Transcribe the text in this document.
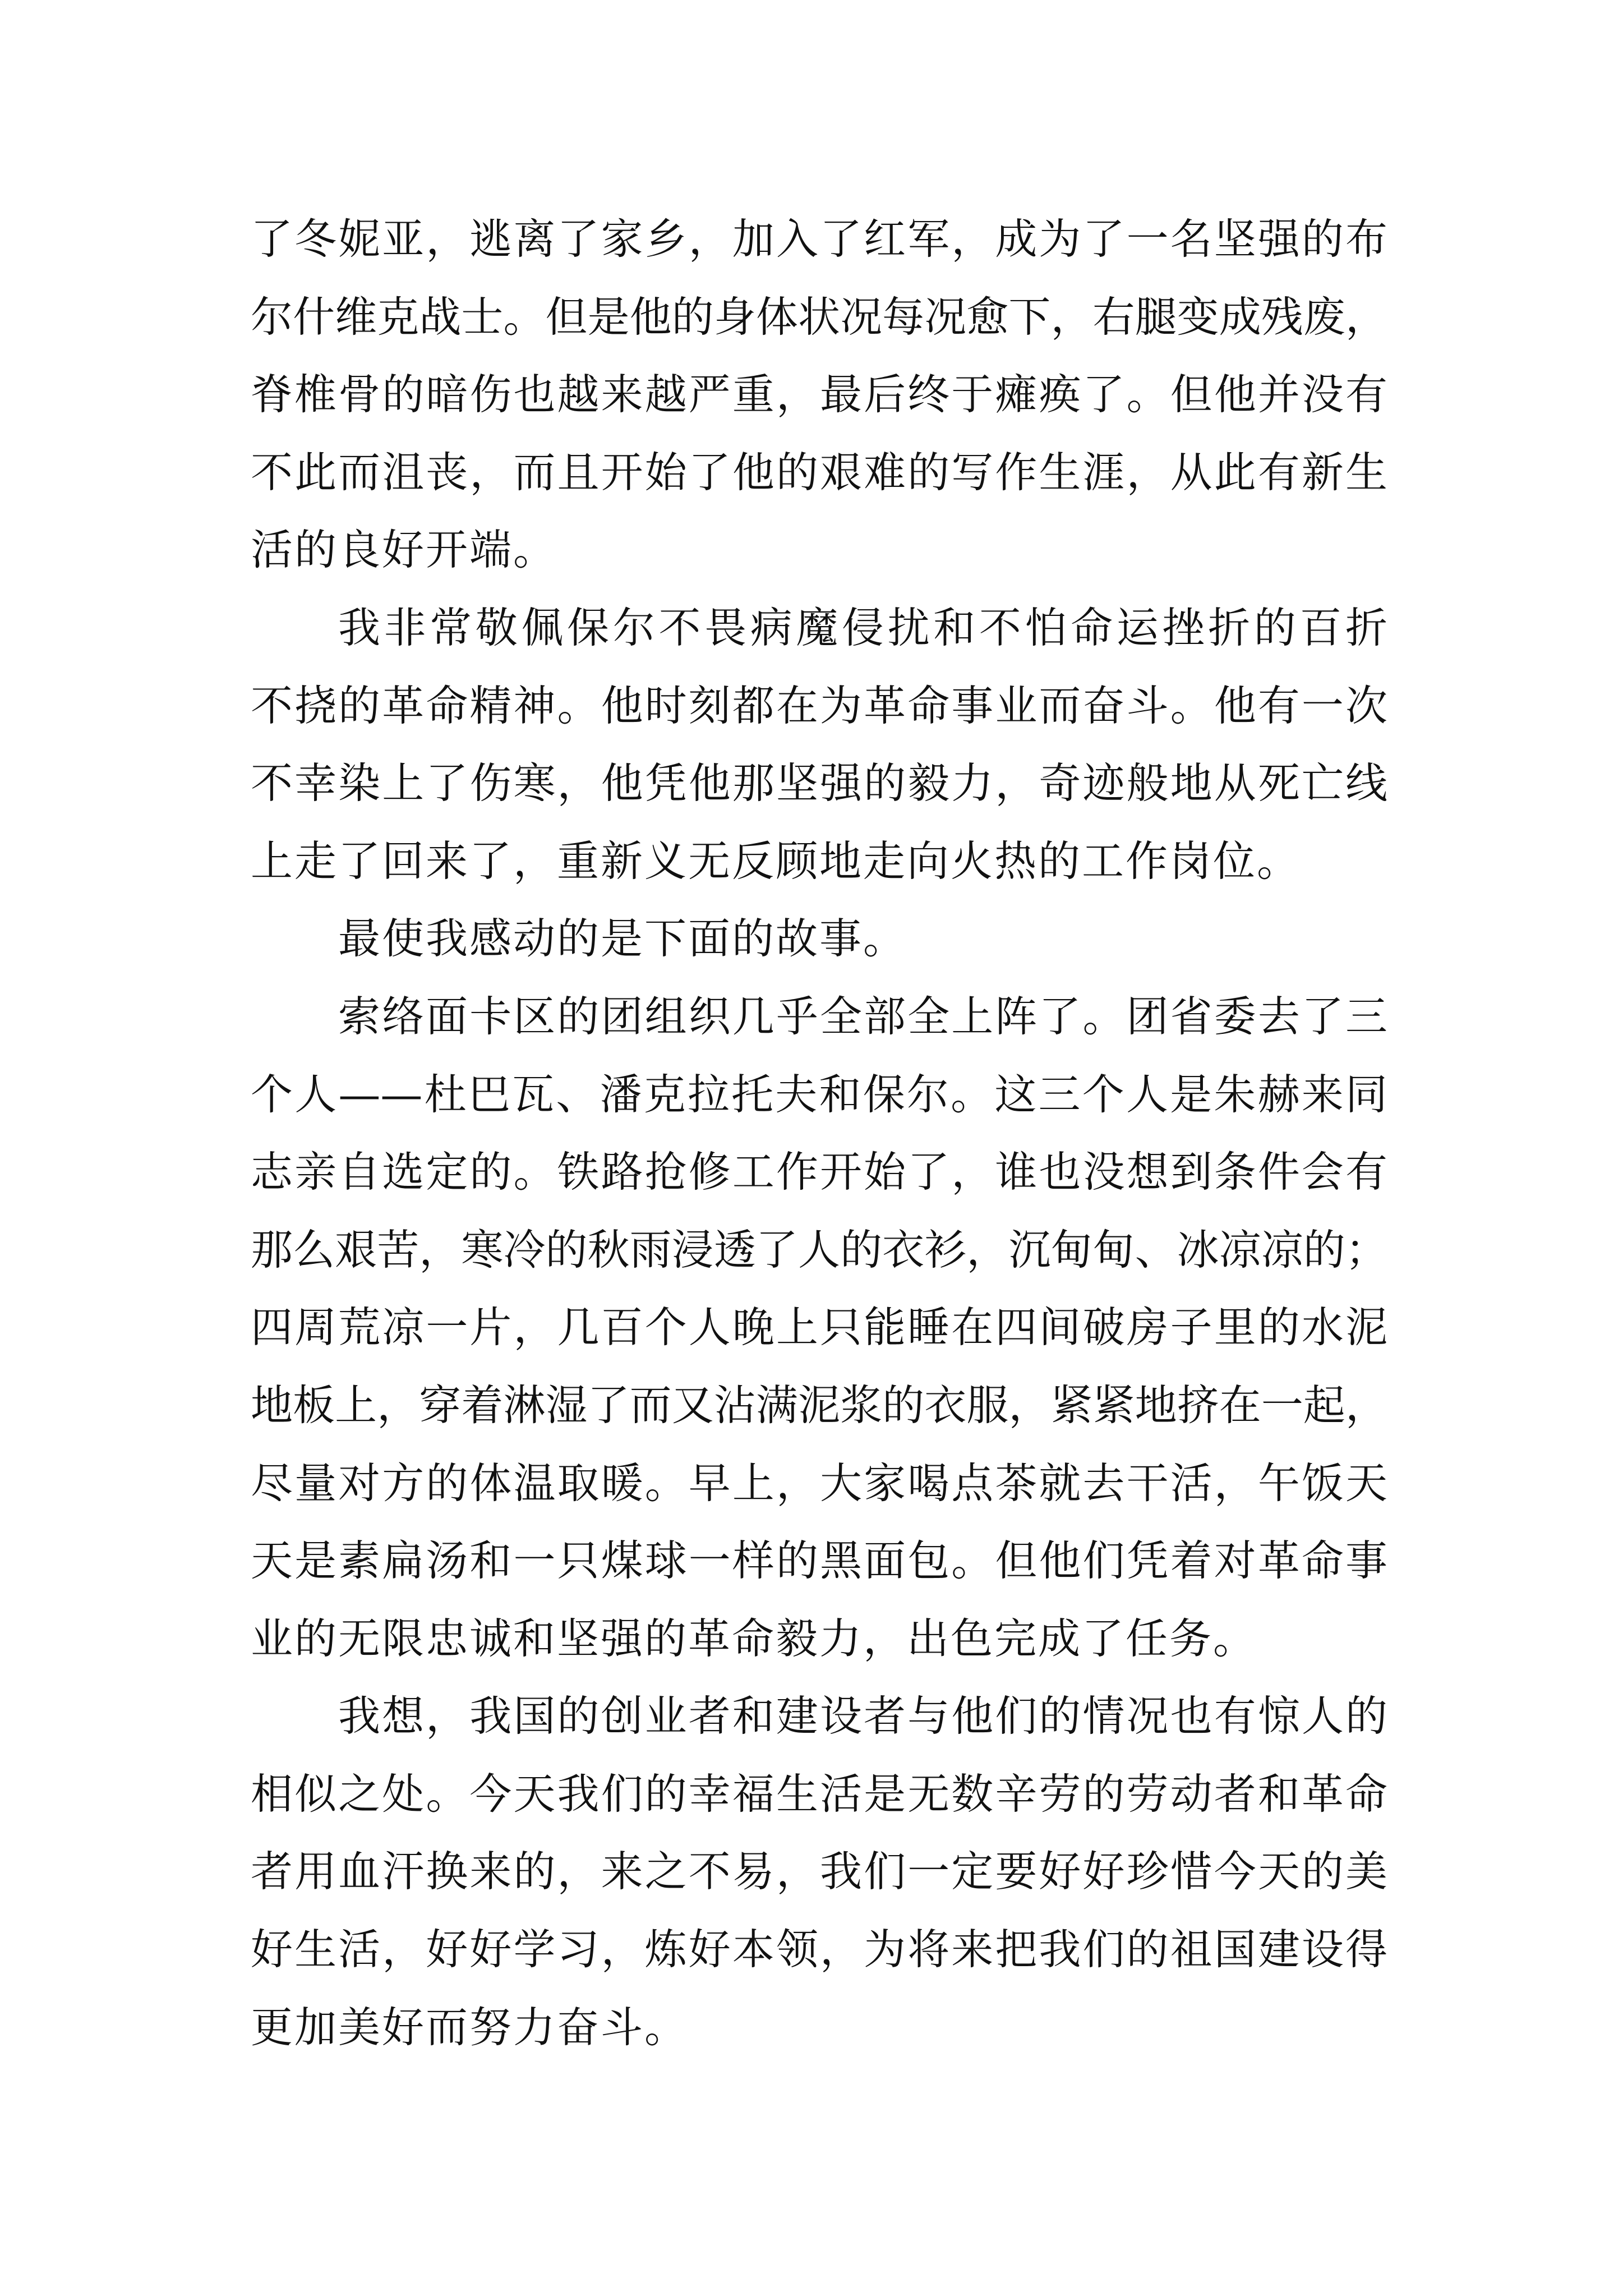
了冬妮亚，逃离了家乡，加入了红军，成为了一名坚强的布
尔什维克战士。但是他的身体状况每况愈下，右腿变成残废，
脊椎骨的暗伤也越来越严重，最后终于瘫痪了。但他并没有
不此而沮丧，而且开始了他的艰难的写作生涯，从此有新生
活的良好开端。
我非常敬佩保尔不畏病魔侵扰和不怕命运挫折的百折
不挠的革命精神。他时刻都在为革命事业而奋斗。他有一次
不幸染上了伤寒，他凭他那坚强的毅力，奇迹般地从死亡线
上走了回来了，重新义无反顾地走向火热的工作岗位。
最使我感动的是下面的故事。
索络面卡区的团组织几乎全部全上阵了。团省委去了三
个人——杜巴瓦、潘克拉托夫和保尔。这三个人是朱赫来同
志亲自选定的。铁路抢修工作开始了，谁也没想到条件会有
那么艰苦，寒冷的秋雨浸透了人的衣衫，沉甸甸、冰凉凉的；
四周荒凉一片，几百个人晚上只能睡在四间破房子里的水泥
地板上，穿着淋湿了而又沾满泥浆的衣服，紧紧地挤在一起，
尽量对方的体温取暖。早上，大家喝点茶就去干活，午饭天
天是素扁汤和一只煤球一样的黑面包。但他们凭着对革命事
业的无限忠诚和坚强的革命毅力，出色完成了任务。
我想，我国的创业者和建设者与他们的情况也有惊人的
相似之处。今天我们的幸福生活是无数辛劳的劳动者和革命
者用血汗换来的，来之不易，我们一定要好好珍惜今天的美
好生活，好好学习，炼好本领，为将来把我们的祖国建设得
更加美好而努力奋斗。
